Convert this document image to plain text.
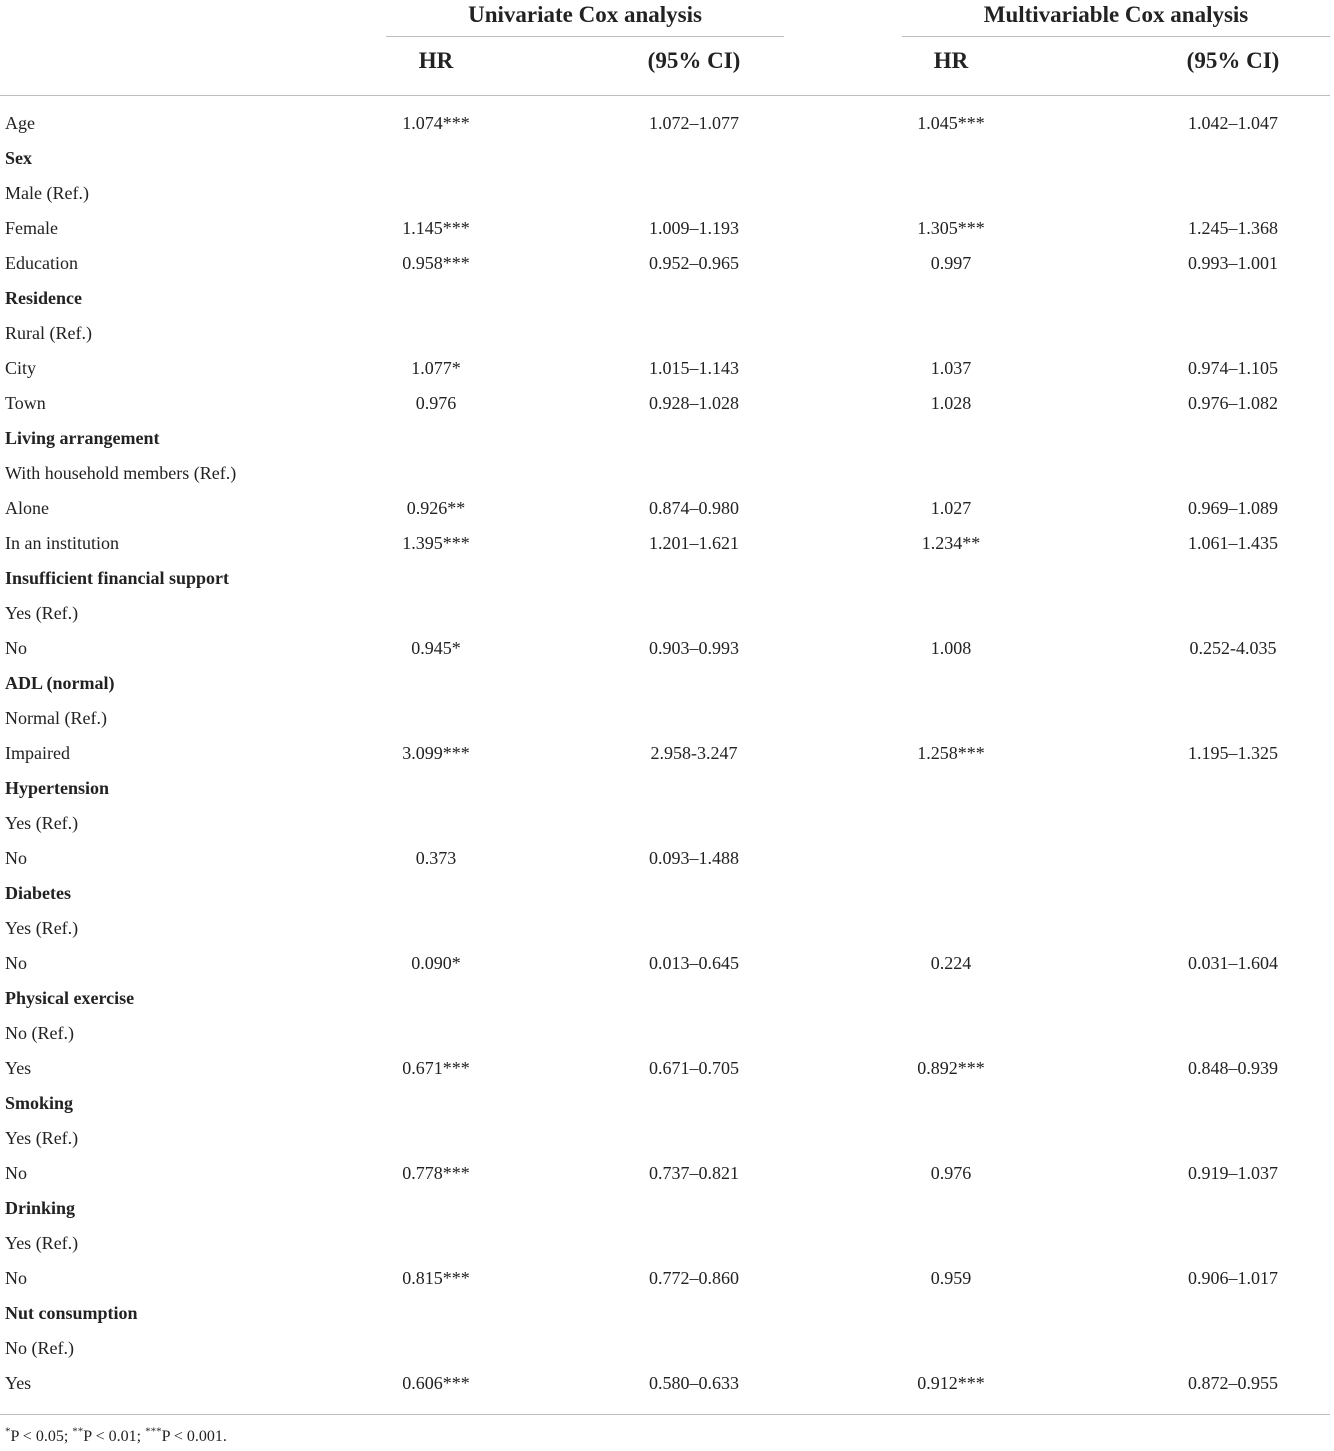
Univariate Cox analysis	Multivariable Cox analysis
HR	(95% CI)	HR	(95% CI)
Age	1.074***	1.072–1.077	1.045***	1.042–1.047
Sex
Male (Ref.)
Female	1.145***	1.009–1.193	1.305***	1.245–1.368
Education	0.958***	0.952–0.965	0.997	0.993–1.001
Residence
Rural (Ref.)
City	1.077*	1.015–1.143	1.037	0.974–1.105
Town	0.976	0.928–1.028	1.028	0.976–1.082
Living arrangement
With household members (Ref.)
Alone	0.926**	0.874–0.980	1.027	0.969–1.089
In an institution	1.395***	1.201–1.621	1.234**	1.061–1.435
Insufficient financial support
Yes (Ref.)
No	0.945*	0.903–0.993	1.008	0.252-4.035
ADL (normal)
Normal (Ref.)
Impaired	3.099***	2.958-3.247	1.258***	1.195–1.325
Hypertension
Yes (Ref.)
No	0.373	0.093–1.488
Diabetes
Yes (Ref.)
No	0.090*	0.013–0.645	0.224	0.031–1.604
Physical exercise
No (Ref.)
Yes	0.671***	0.671–0.705	0.892***	0.848–0.939
Smoking
Yes (Ref.)
No	0.778***	0.737–0.821	0.976	0.919–1.037
Drinking
Yes (Ref.)
No	0.815***	0.772–0.860	0.959	0.906–1.017
Nut consumption
No (Ref.)
Yes	0.606***	0.580–0.633	0.912***	0.872–0.955
*P < 0.05; **P < 0.01; ***P < 0.001.
